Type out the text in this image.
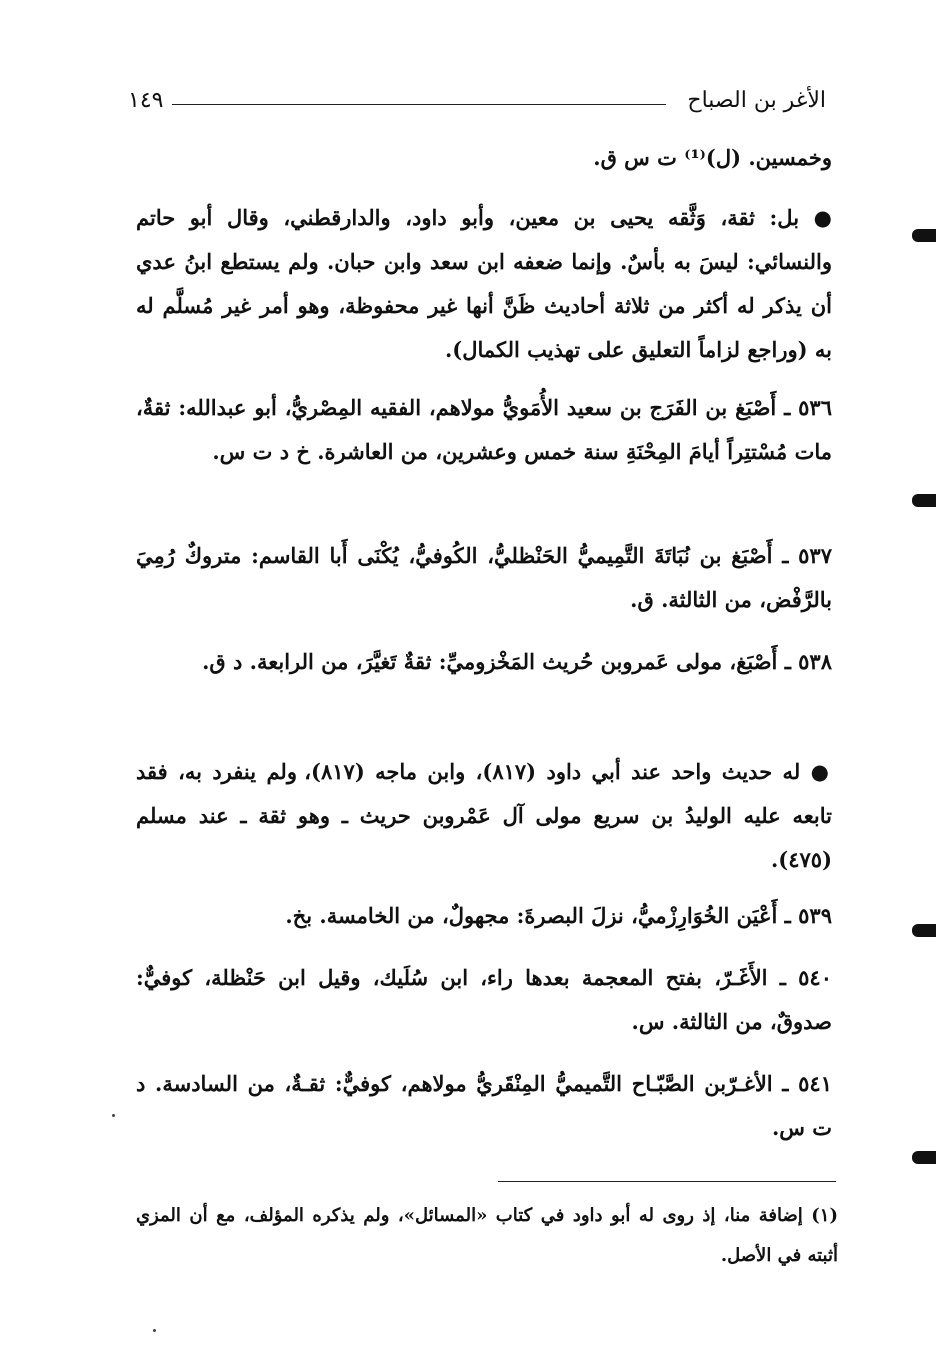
الأغر بن الصباح
١٤٩
وخمسين. (ل)⁽¹⁾ ت س ق.
● بل: ثقة، وَثَّقه يحيى بن معين، وأبو داود، والدارقطني، وقال أبو حاتم والنسائي: ليسَ به بأسٌ. وإنما ضعفه ابن سعد وابن حبان. ولم يستطع ابنُ عدي أن يذكر له أكثر من ثلاثة أحاديث ظَنَّ أنها غير محفوظة، وهو أمر غير مُسلَّم له به (وراجع لزاماً التعليق على تهذيب الكمال).
٥٣٦ ـ أَصْبَغ بن الفَرَج بن سعيد الأُمَويُّ مولاهم، الفقيه المِصْريُّ، أبو عبدالله: ثقةٌ، مات مُسْتتِراً أيامَ المِحْنَةِ سنة خمس وعشرين، من العاشرة. خ د ت س.
٥٣٧ ـ أَصْبَغ بن نُبَاتَةَ التَّمِيميُّ الحَنْظليُّ، الكُوفيُّ، يُكْنَى أَبا القاسم: متروكٌ رُمِيَ بالرَّفْض، من الثالثة. ق.
٥٣٨ ـ أَصْبَغ، مولى عَمروبن حُريث المَخْزوميِّ: ثقةٌ تَغيَّرَ، من الرابعة. د ق.
● له حديث واحد عند أبي داود (٨١٧)، وابن ماجه (٨١٧)، ولم ينفرد به، فقد تابعه عليه الوليدُ بن سريع مولى آل عَمْروبن حريث ـ وهو ثقة ـ عند مسلم (٤٧٥).
٥٣٩ ـ أَعْيَن الخُوَارِزْميُّ، نزلَ البصرةَ: مجهولٌ، من الخامسة. بخ.
٥٤٠ ـ الأَغَـرّ، بفتح المعجمة بعدها راء، ابن سُلَيك، وقيل ابن حَنْظلة، كوفيٌّ: صدوقٌ، من الثالثة. س.
٥٤١ ـ الأغـرّبن الصَّبّـاح التَّميميُّ المِنْقَريُّ مولاهم، كوفيٌّ: ثقـةٌ، من السادسة. د ت س.
(١) إضافة منا، إذ روى له أبو داود في كتاب «المسائل»، ولم يذكره المؤلف، مع أن المزي أثبته في الأصل.
